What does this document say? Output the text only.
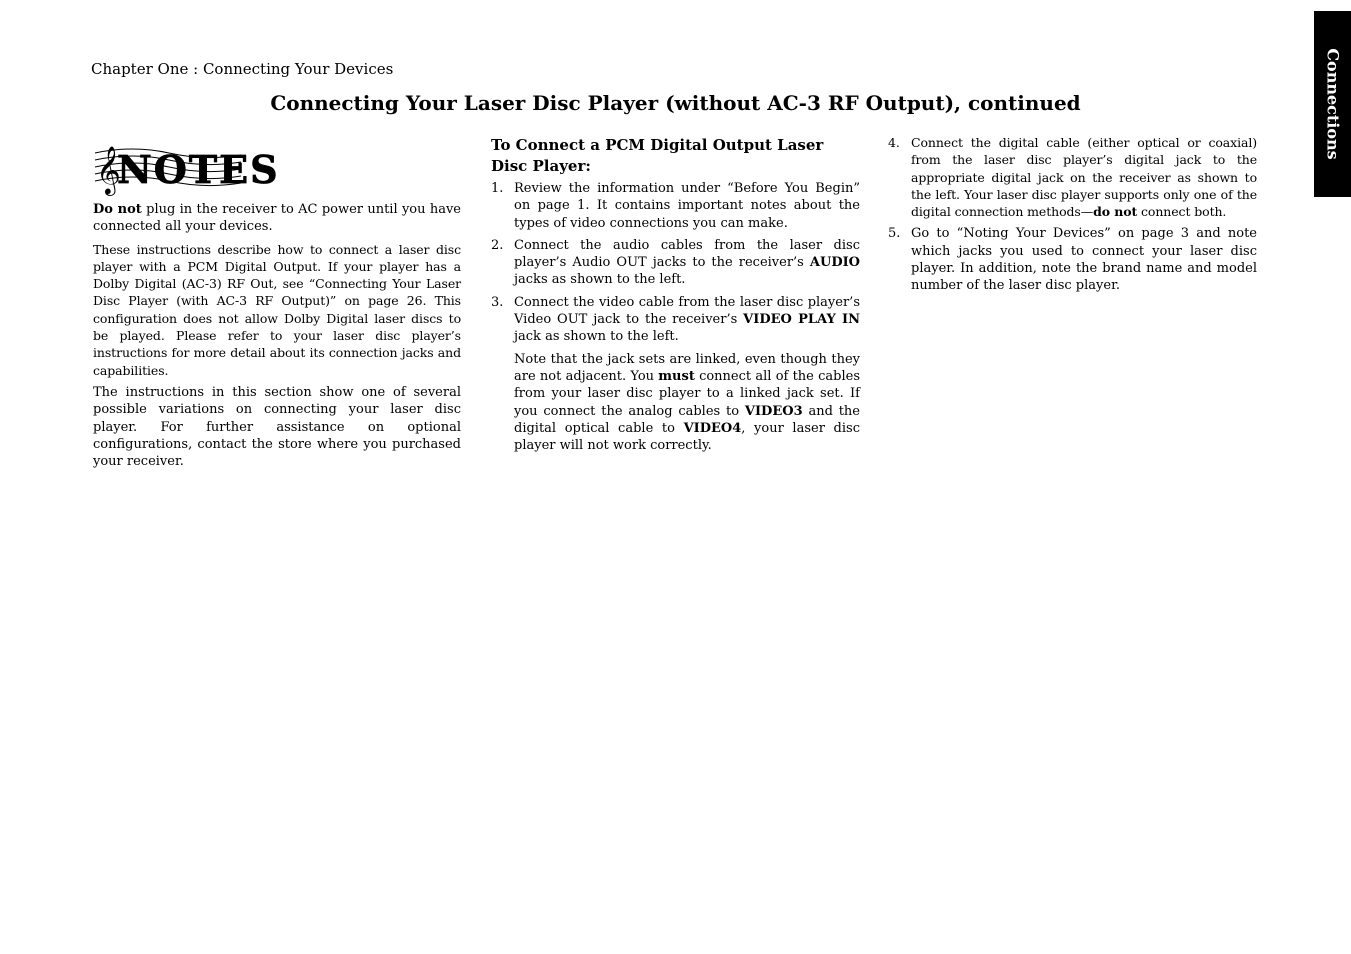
Chapter One : Connecting Your Devices
Connecting Your Laser Disc Player (without AC-3 RF Output), continued	Connections
𝄞
NOTES

Do not plug in the receiver to AC power until you have connected all your devices.

These instructions describe how to connect a laser disc player with a PCM Digital Output. If your player has a Dolby Digital (AC-3) RF Out, see “Connecting Your Laser Disc Player (with AC-3 RF Output)” on page 26. This configuration does not allow Dolby Digital laser discs to be played. Please refer to your laser disc player’s instructions for more detail about its connection jacks and capabilities.

The instructions in this section show one of several possible variations on connecting your laser disc player. For further assistance on optional configurations, contact the store where you purchased your receiver.

To Connect a PCM Digital Output Laser Disc Player:
1. Review the information under “Before You Begin” on page 1. It contains important notes about the types of video connections you can make.
2. Connect the audio cables from the laser disc player’s Audio OUT jacks to the receiver’s AUDIO jacks as shown to the left.
3. Connect the video cable from the laser disc player’s Video OUT jack to the receiver’s VIDEO PLAY IN jack as shown to the left.
Note that the jack sets are linked, even though they are not adjacent. You must connect all of the cables from your laser disc player to a linked jack set. If you connect the analog cables to VIDEO3 and the digital optical cable to VIDEO4, your laser disc player will not work correctly.
4. Connect the digital cable (either optical or coaxial) from the laser disc player’s digital jack to the appropriate digital jack on the receiver as shown to the left. Your laser disc player supports only one of the digital connection methods—do not connect both.
5. Go to “Noting Your Devices” on page 3 and note which jacks you used to connect your laser disc player. In addition, note the brand name and model number of the laser disc player.
